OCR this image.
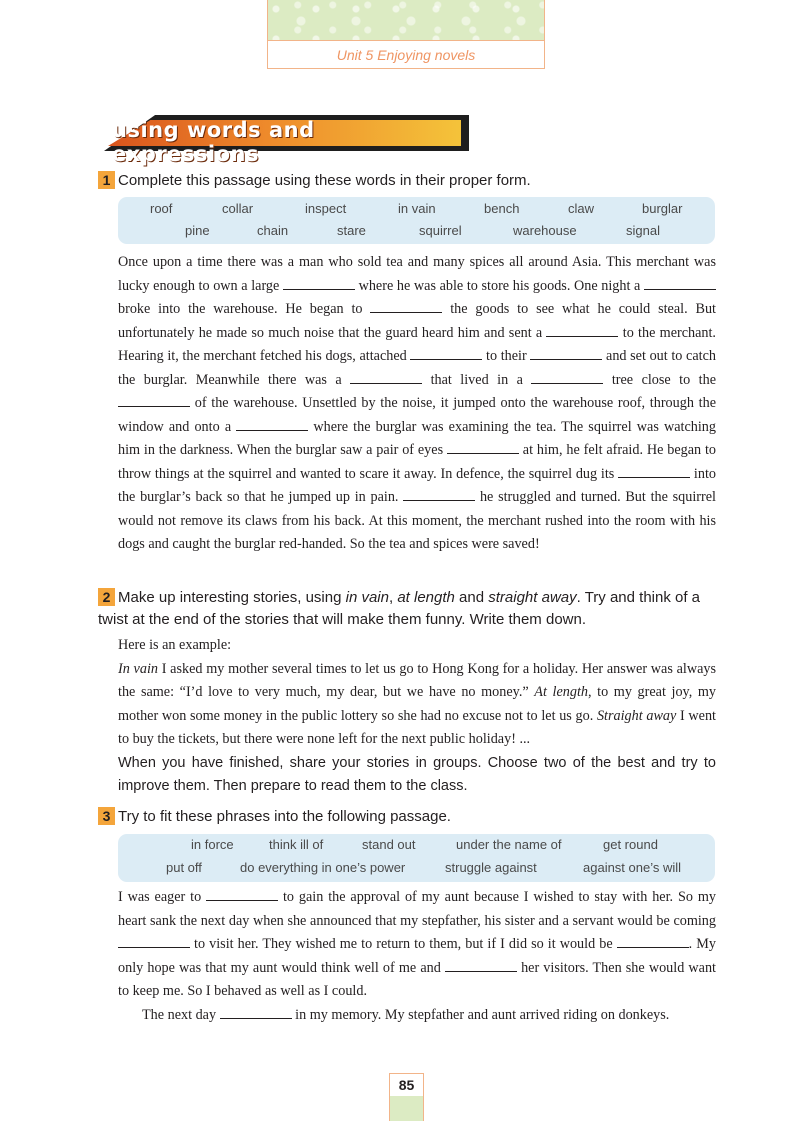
Unit 5 Enjoying novels
using words and expressions
1 Complete this passage using these words in their proper form.
roof	collar	inspect	in vain	bench	claw	burglar
pine	chain	stare	squirrel	warehouse	signal

Once upon a time there was a man who sold tea and many spices all around Asia. This merchant was lucky enough to own a large	where he was able to store his goods. One night a  broke into the warehouse. He began to	the goods to see what he could steal. But unfortunately he made so much noise that the guard heard him and sent a	to the merchant. Hearing it, the merchant fetched his dogs, attached	to their	and set out to catch the burglar. Meanwhile there was a	that lived in a	tree close to the  of the warehouse. Unsettled by the noise, it jumped onto the warehouse roof, through the window and onto a	where the burglar was examining the tea. The squirrel was watching him in the darkness. When the burglar saw a pair of eyes	at him, he felt afraid. He began to throw things at the squirrel and wanted to scare it away. In defence, the squirrel dug its	into the burglar’s back so that he jumped up in pain.	he struggled and turned. But the squirrel would not remove its claws from his back. At this moment, the merchant rushed into the room with his dogs and caught the burglar red-handed. So the tea and spices were saved!

2 Make up interesting stories, using in vain, at length and straight away. Try and think of a twist at the end of the stories that will make them funny. Write them down.

Here is an example:

In vain I asked my mother several times to let us go to Hong Kong for a holiday. Her answer was always the same: “I’d love to very much, my dear, but we have no money.” At length, to my great joy, my mother won some money in the public lottery so she had no excuse not to let us go. Straight away I went to buy the tickets, but there were none left for the next public holiday! ...

When you have finished, share your stories in groups. Choose two of the best and try to improve them. Then prepare to read them to the class.

3 Try to fit these phrases into the following passage.
in force	think ill of	stand out	under the name of	get round
put off	do everything in one’s power	struggle against	against one’s will

I was eager to	to gain the approval of my aunt because I wished to stay with her. So my heart sank the next day when she announced that my stepfather, his sister and a servant would be coming  to visit her. They wished me to return to them, but if I did so it would be	. My only hope was that my aunt would think well of me and	her visitors. Then she would want to keep me. So I behaved as well as I could.

The next day	in my memory. My stepfather and aunt arrived riding on donkeys.

85
